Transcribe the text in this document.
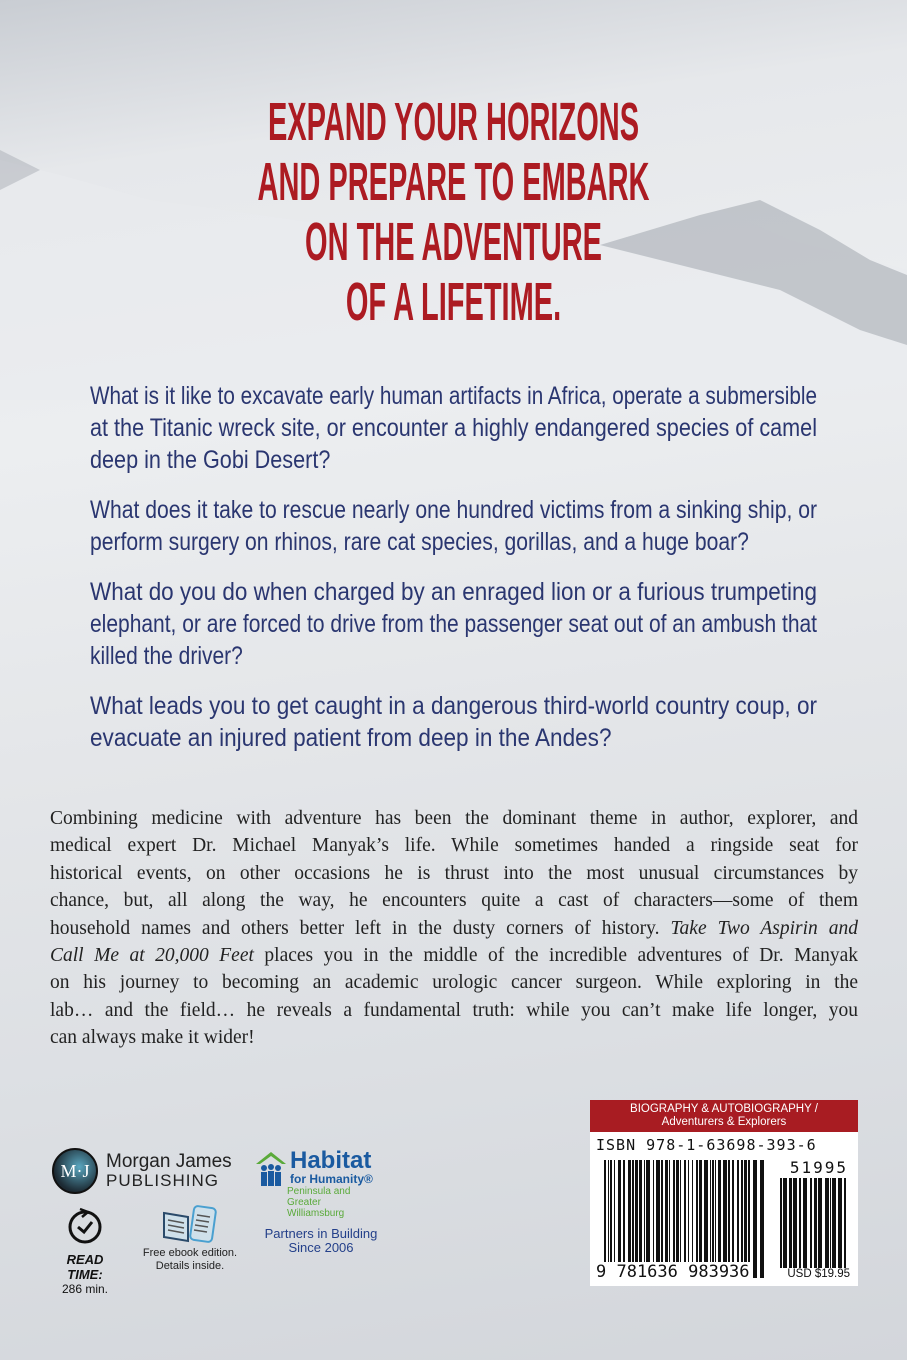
EXPAND YOUR HORIZONS
AND PREPARE TO EMBARK
ON THE ADVENTURE
OF A LIFETIME.
What is it like to excavate early human artifacts in Africa, operate a submersible
at the Titanic wreck site, or encounter a highly endangered species of camel
deep in the Gobi Desert?
What does it take to rescue nearly one hundred victims from a sinking ship, or
perform surgery on rhinos, rare cat species, gorillas, and a huge boar?
What do you do when charged by an enraged lion or a furious trumpeting
elephant, or are forced to drive from the passenger seat out of an ambush that
killed the driver?
What leads you to get caught in a dangerous third-world country coup, or
evacuate an injured patient from deep in the Andes?
Combining medicine with adventure has been the dominant theme in author, explorer, and
medical expert Dr. Michael Manyak’s life. While sometimes handed a ringside seat for
historical events, on other occasions he is thrust into the most unusual circumstances by
chance, but, all along the way, he encounters quite a cast of characters—some of them
household names and others better left in the dusty corners of history. Take Two Aspirin and
Call Me at 20,000 Feet places you in the middle of the incredible adventures of Dr. Manyak
on his journey to becoming an academic urologic cancer surgeon. While exploring in the
lab… and the field… he reveals a fundamental truth: while you can’t make life longer, you
can always make it wider!
M·J Morgan James
PUBLISHING
READ TIME:
286 min.
Free ebook edition.
Details inside.
Habitat
for Humanity®
Peninsula and
Greater Williamsburg
Partners in Building
Since 2006
BIOGRAPHY & AUTOBIOGRAPHY /
Adventurers & Explorers
ISBN 978-1-63698-393-6
51995
9 781636 983936	USD $19.95
